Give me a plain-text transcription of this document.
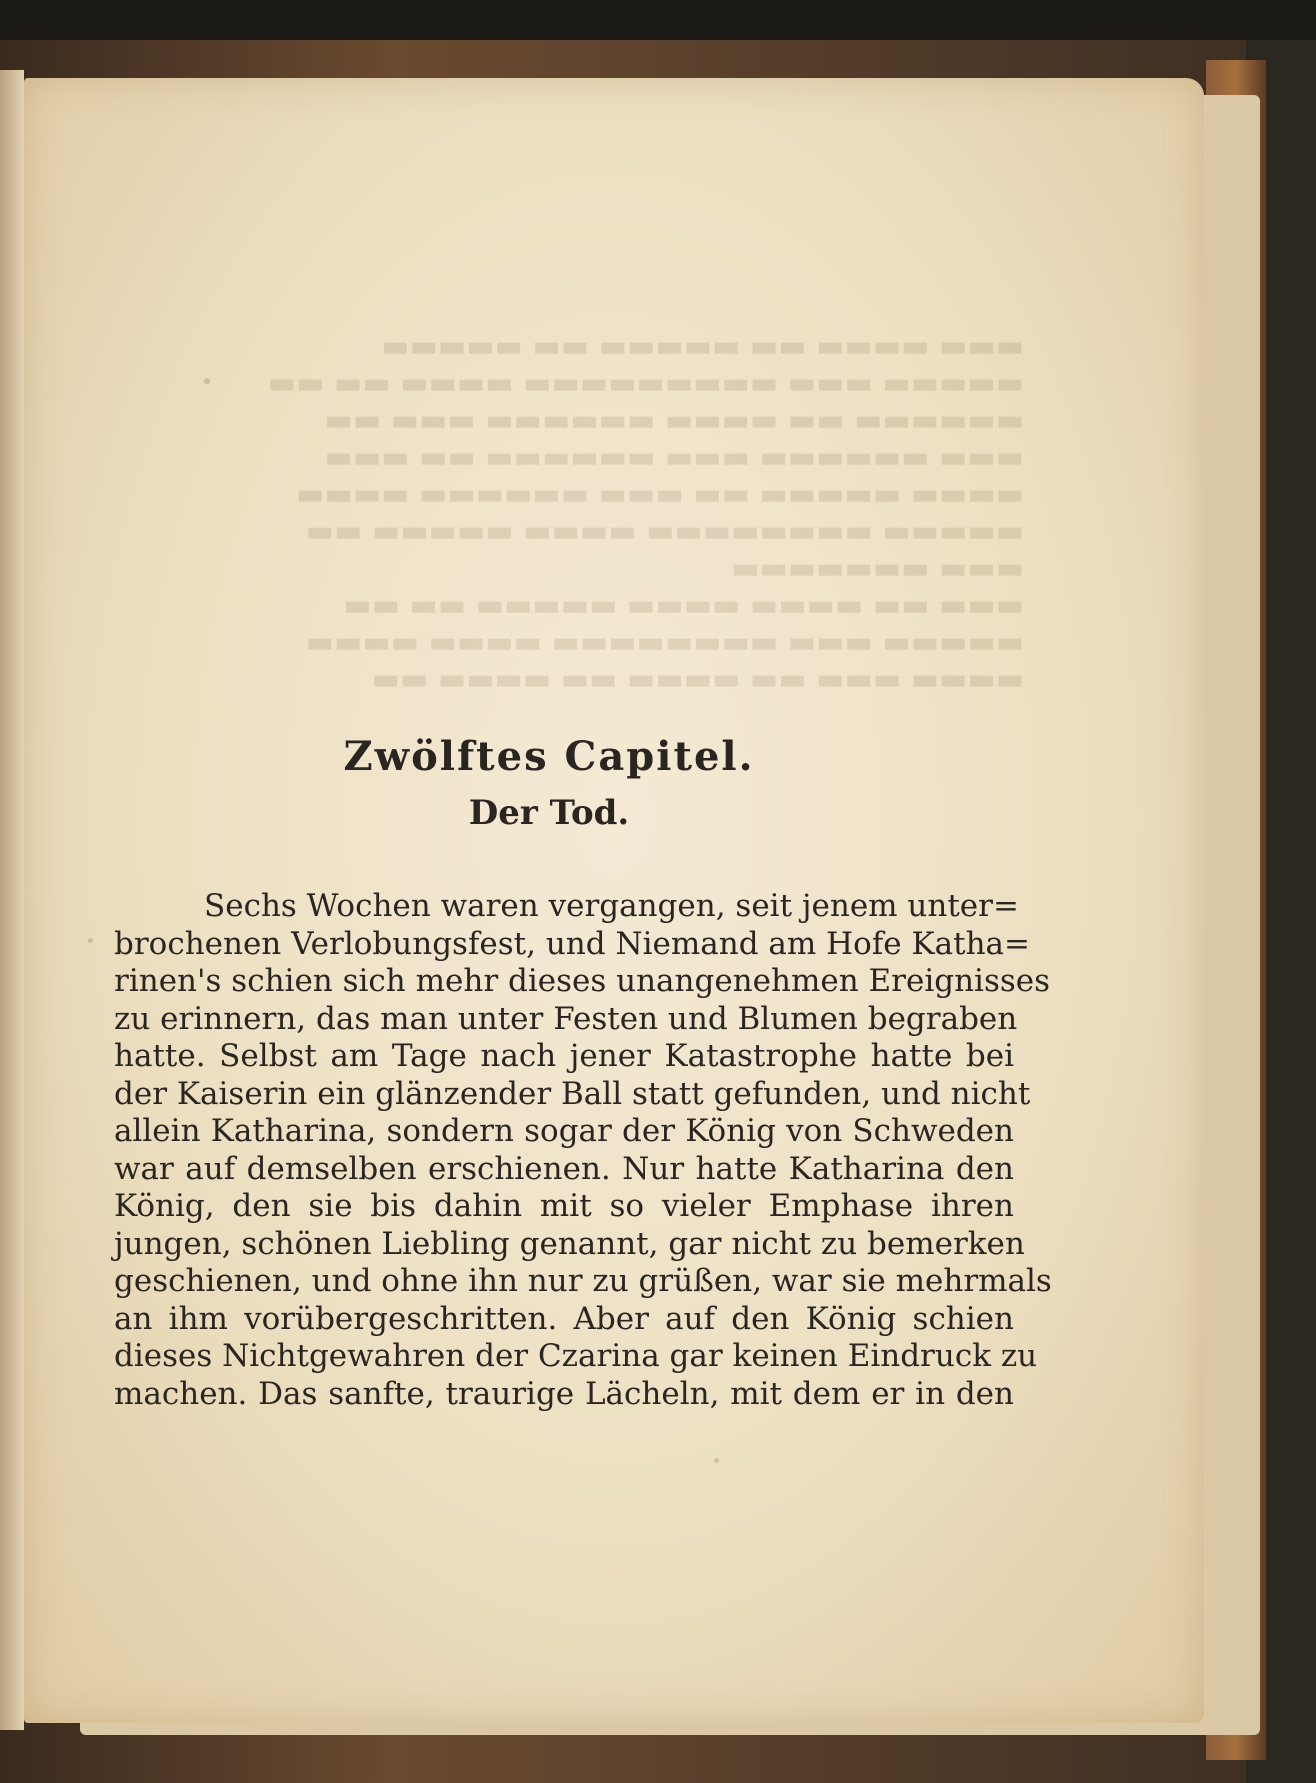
▬▬▬ ▬▬▬▬ ▬▬ ▬▬▬▬▬ ▬▬ ▬▬▬▬▬
▬▬▬▬▬ ▬▬▬ ▬▬▬▬▬▬▬▬▬ ▬▬▬▬ ▬▬ ▬▬
▬▬▬▬▬▬ ▬▬ ▬▬▬▬ ▬▬▬▬▬▬ ▬▬▬ ▬▬
▬▬▬ ▬▬▬▬▬▬ ▬▬▬ ▬▬▬▬▬▬ ▬▬ ▬▬▬
▬▬▬▬ ▬▬▬▬▬ ▬▬ ▬▬▬ ▬▬▬▬▬▬ ▬▬▬▬
▬▬▬▬▬ ▬▬▬▬▬▬▬▬ ▬▬▬▬ ▬▬▬▬▬ ▬▬
▬▬▬ ▬▬▬▬▬▬▬
▬▬▬ ▬▬ ▬▬▬▬ ▬▬▬▬ ▬▬▬▬▬ ▬▬ ▬▬
▬▬▬▬▬ ▬▬▬ ▬▬▬▬▬▬▬▬ ▬▬▬▬ ▬▬▬▬
▬▬▬▬ ▬▬▬ ▬▬ ▬▬▬▬ ▬▬ ▬▬▬▬ ▬▬
Zwölftes Capitel.
Der Tod.
Sechs Wochen waren vergangen, seit jenem unter=
brochenen Verlobungsfest, und Niemand am Hofe Katha=
rinen's schien sich mehr dieses unangenehmen Ereignisses
zu erinnern, das man unter Festen und Blumen begraben
hatte. Selbst am Tage nach jener Katastrophe hatte bei
der Kaiserin ein glänzender Ball statt gefunden, und nicht
allein Katharina, sondern sogar der König von Schweden
war auf demselben erschienen. Nur hatte Katharina den
König, den sie bis dahin mit so vieler Emphase ihren
jungen, schönen Liebling genannt, gar nicht zu bemerken
geschienen, und ohne ihn nur zu grüßen, war sie mehrmals
an ihm vorübergeschritten. Aber auf den König schien
dieses Nichtgewahren der Czarina gar keinen Eindruck zu
machen. Das sanfte, traurige Lächeln, mit dem er in den
